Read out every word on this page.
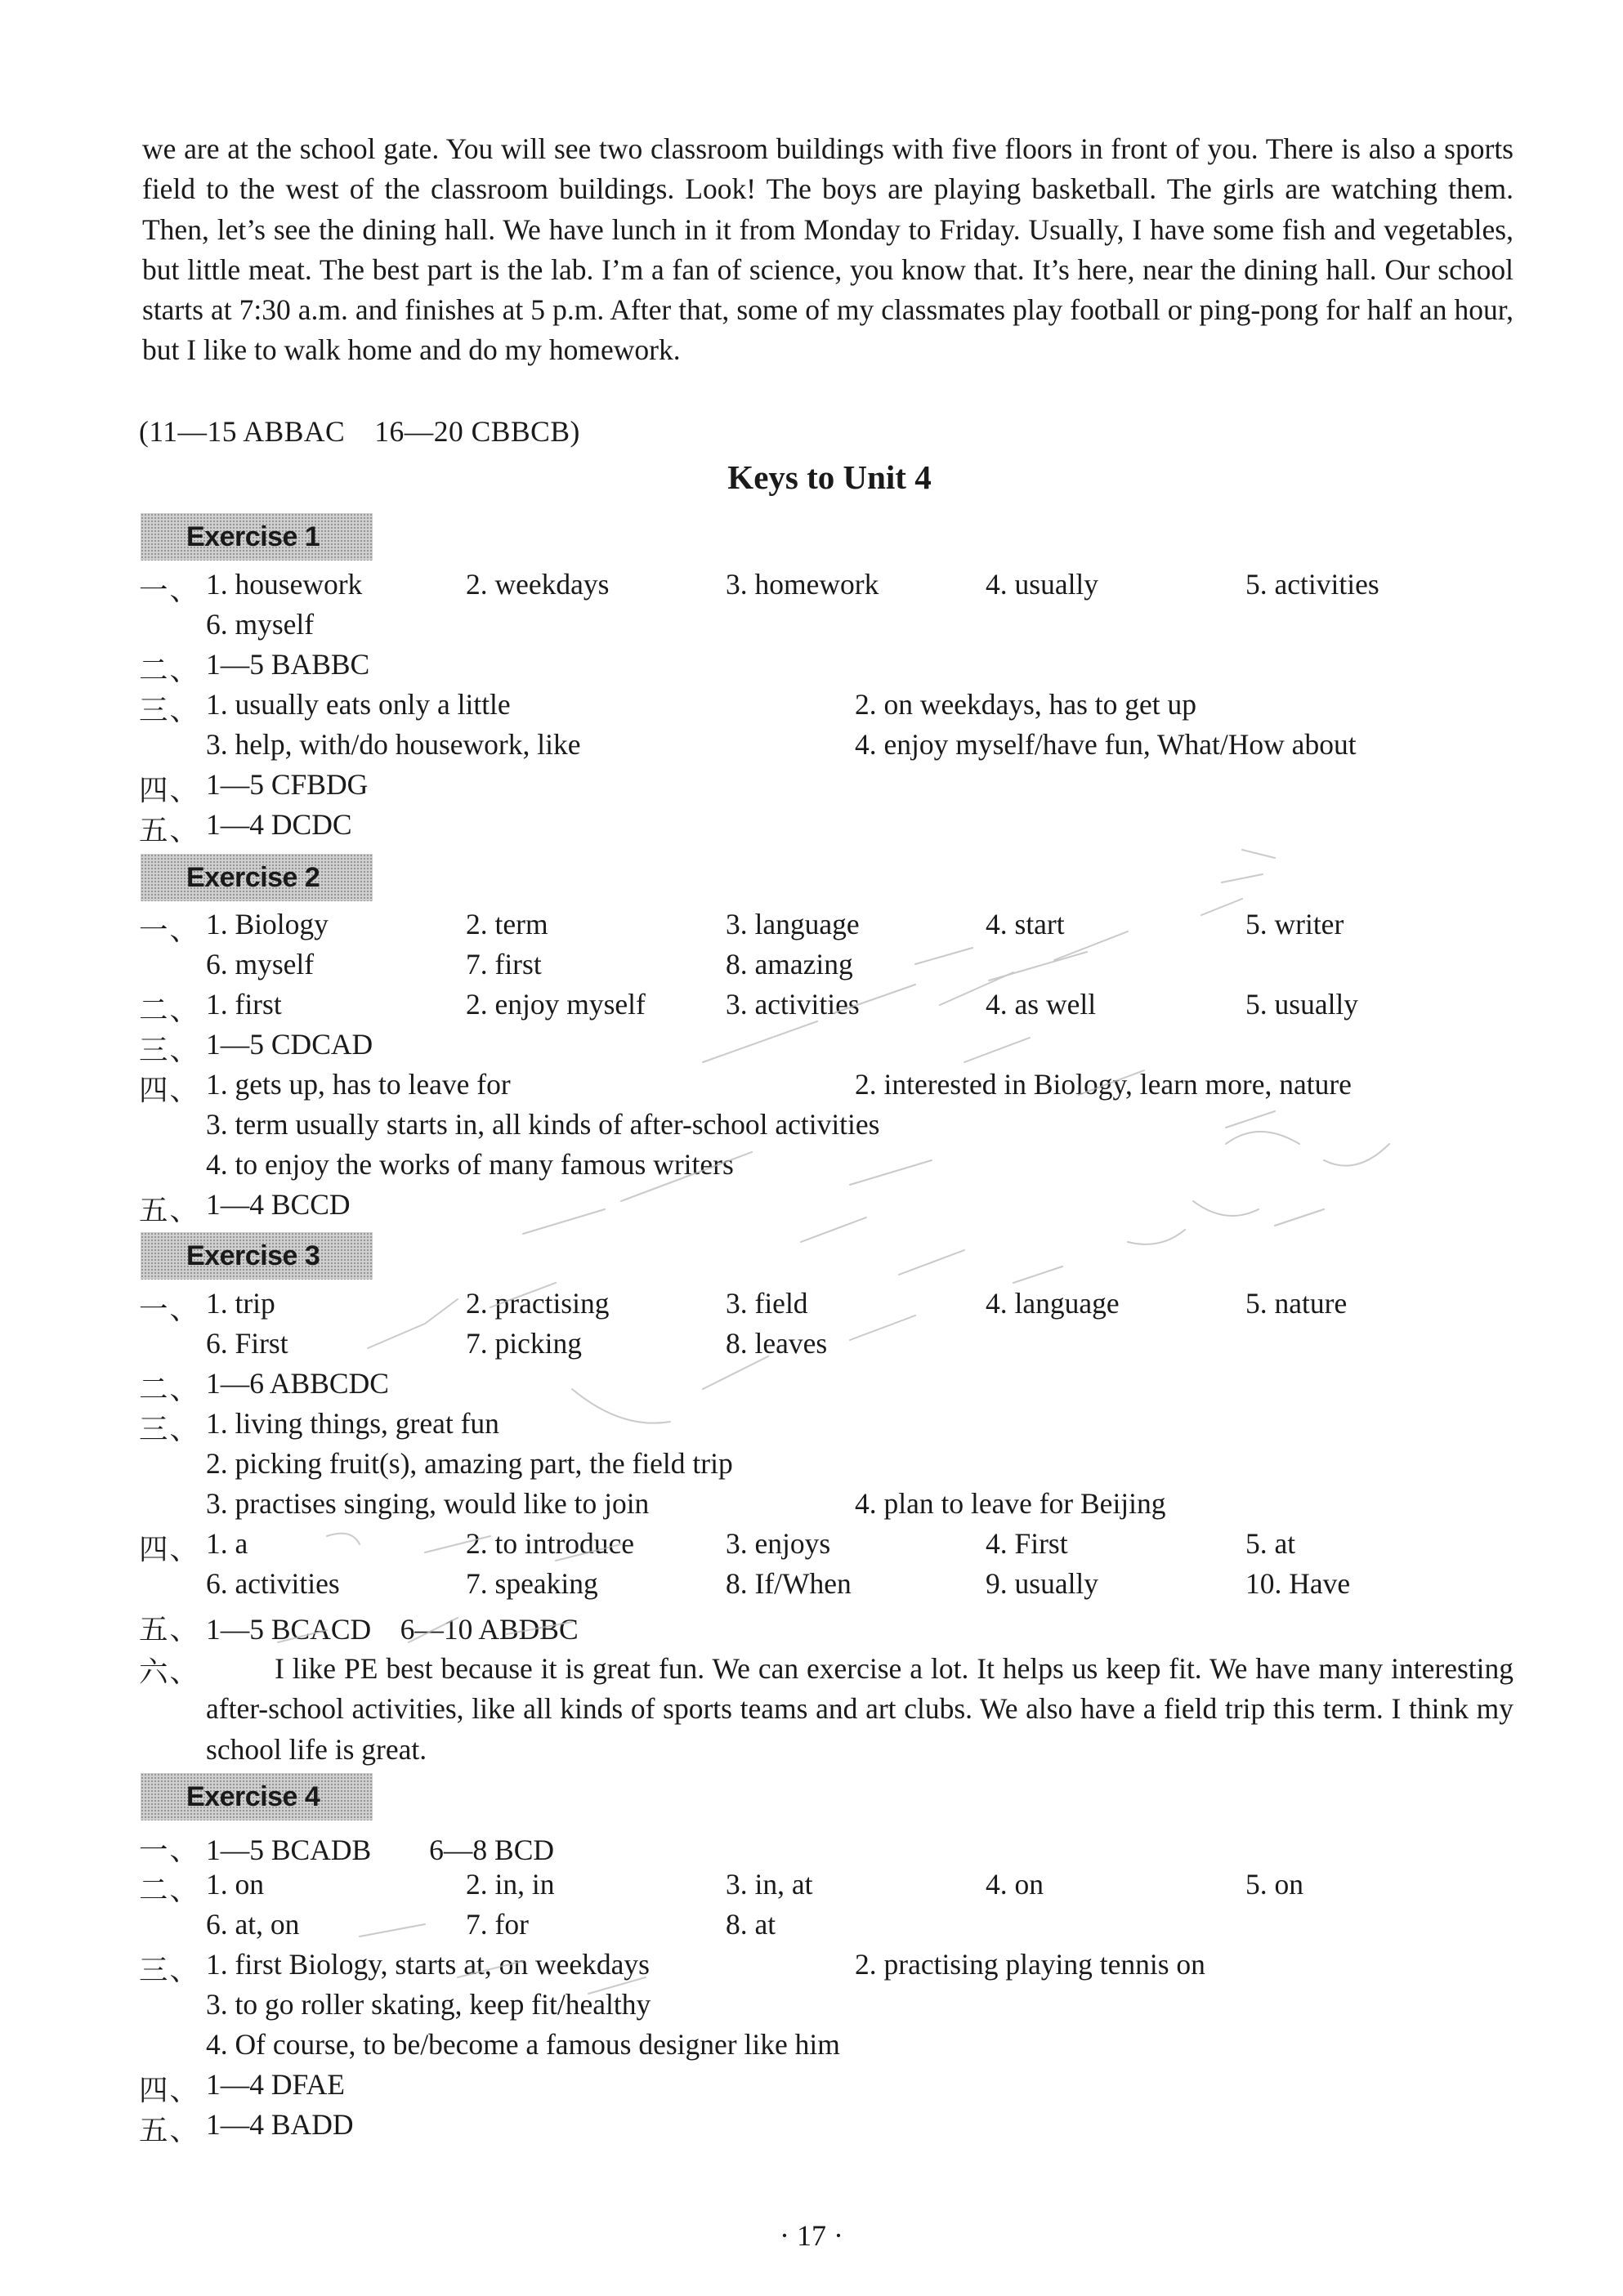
we are at the school gate. You will see two classroom buildings with five floors in front of you. There is also a sports field to the west of the classroom buildings. Look! The boys are playing basketball. The girls are watching them. Then, let’s see the dining hall. We have lunch in it from Monday to Friday. Usually, I have some fish and vegetables, but little meat. The best part is the lab. I’m a fan of science, you know that. It’s here, near the dining hall. Our school starts at 7:30 a.m. and finishes at 5 p.m. After that, some of my classmates play football or ping-pong for half an hour, but I like to walk home and do my homework.

(11—15 ABBAC　16—20 CBBCB)
Keys to Unit 4
Exercise 1
一、 1. housework	2. weekdays	3. homework	4. usually	5. activities
6. myself
二、 1—5 BABBC
三、 1. usually eats only a little	2. on weekdays, has to get up
3. help, with/do housework, like	4. enjoy myself/have fun, What/How about
四、 1—5 CFBDG
五、 1—4 DCDC
Exercise 2
一、 1. Biology	2. term	3. language	4. start	5. writer
6. myself	7. first	8. amazing
二、 1. first	2. enjoy myself	3. activities	4. as well	5. usually
三、 1—5 CDCAD
四、 1. gets up, has to leave for	2. interested in Biology, learn more, nature
3. term usually starts in, all kinds of after-school activities
4. to enjoy the works of many famous writers
五、 1—4 BCCD
Exercise 3
一、 1. trip	2. practising	3. field	4. language	5. nature
6. First	7. picking	8. leaves
二、 1—6 ABBCDC
三、 1. living things, great fun
2. picking fruit(s), amazing part, the field trip
3. practises singing, would like to join	4. plan to leave for Beijing
四、 1. a	2. to introduce	3. enjoys	4. First	5. at
6. activities	7. speaking	8. If/When	9. usually	10. Have
五、 1—5 BCACD　6—10 ABDBC
六、	I like PE best because it is great fun. We can exercise a lot. It helps us keep fit. We have many interesting after-school activities, like all kinds of sports teams and art clubs. We also have a field trip this term. I think my school life is great.

Exercise 4
一、 1—5 BCADB　　6—8 BCD
二、 1. on	2. in, in	3. in, at	4. on	5. on
6. at, on	7. for	8. at
三、 1. first Biology, starts at, on weekdays	2. practising playing tennis on
3. to go roller skating, keep fit/healthy
4. Of course, to be/become a famous designer like him
四、 1—4 DFAE
五、 1—4 BADD
· 17 ·
